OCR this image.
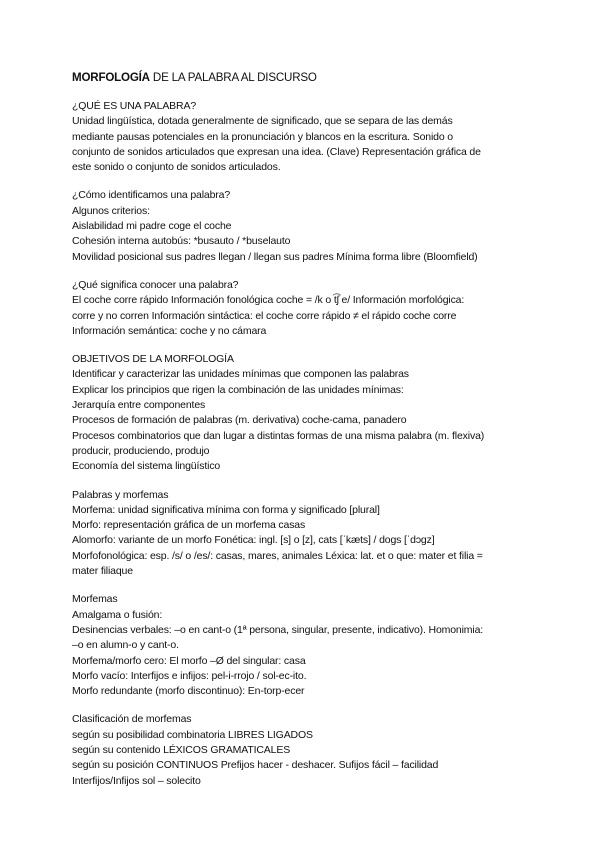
MORFOLOGÍA DE LA PALABRA AL DISCURSO
¿QUÉ ES UNA PALABRA?
Unidad lingüística, dotada generalmente de significado, que se separa de las demás
mediante pausas potenciales en la pronunciación y blancos en la escritura. Sonido o
conjunto de sonidos articulados que expresan una idea. (Clave) Representación gráfica de
este sonido o conjunto de sonidos articulados.
¿Cómo identificamos una palabra?
Algunos criterios:
Aislabilidad mi padre coge el coche
Cohesión interna autobús: *busauto / *buselauto
Movilidad posicional sus padres llegan / llegan sus padres Mínima forma libre (Bloomfield)
¿Qué significa conocer una palabra?
El coche corre rápido Información fonológica coche = /k o t͡ʃ e/ Información morfológica:
corre y no corren Información sintáctica: el coche corre rápido ≠ el rápido coche corre
Información semántica: coche y no cámara
OBJETIVOS DE LA MORFOLOGÍA
Identificar y caracterizar las unidades mínimas que componen las palabras
Explicar los principios que rigen la combinación de las unidades mínimas:
Jerarquía entre componentes
Procesos de formación de palabras (m. derivativa) coche-cama, panadero
Procesos combinatorios que dan lugar a distintas formas de una misma palabra (m. flexiva)
producir, produciendo, produjo
Economía del sistema lingüístico
Palabras y morfemas
Morfema: unidad significativa mínima con forma y significado [plural]
Morfo: representación gráfica de un morfema casas
Alomorfo: variante de un morfo Fonética: ingl. [s] o [z], cats [ˈkæts] / dogs [ˈdɔgz]
Morfofonológica: esp. /s/ o /es/: casas, mares, animales Léxica: lat. et o que: mater et filia =
mater filiaque
Morfemas
Amalgama o fusión:
Desinencias verbales: –o en cant-o (1ª persona, singular, presente, indicativo). Homonimia:
–o en alumn-o y cant-o.
Morfema/morfo cero: El morfo –Ø del singular: casa
Morfo vacío: Interfijos e infijos: pel-i-rrojo / sol-ec-ito.
Morfo redundante (morfo discontinuo): En-torp-ecer
Clasificación de morfemas
según su posibilidad combinatoria LIBRES LIGADOS
según su contenido LÉXICOS GRAMATICALES
según su posición CONTINUOS Prefijos hacer - deshacer. Sufijos fácil – facilidad
Interfijos/Infijos sol – solecito
